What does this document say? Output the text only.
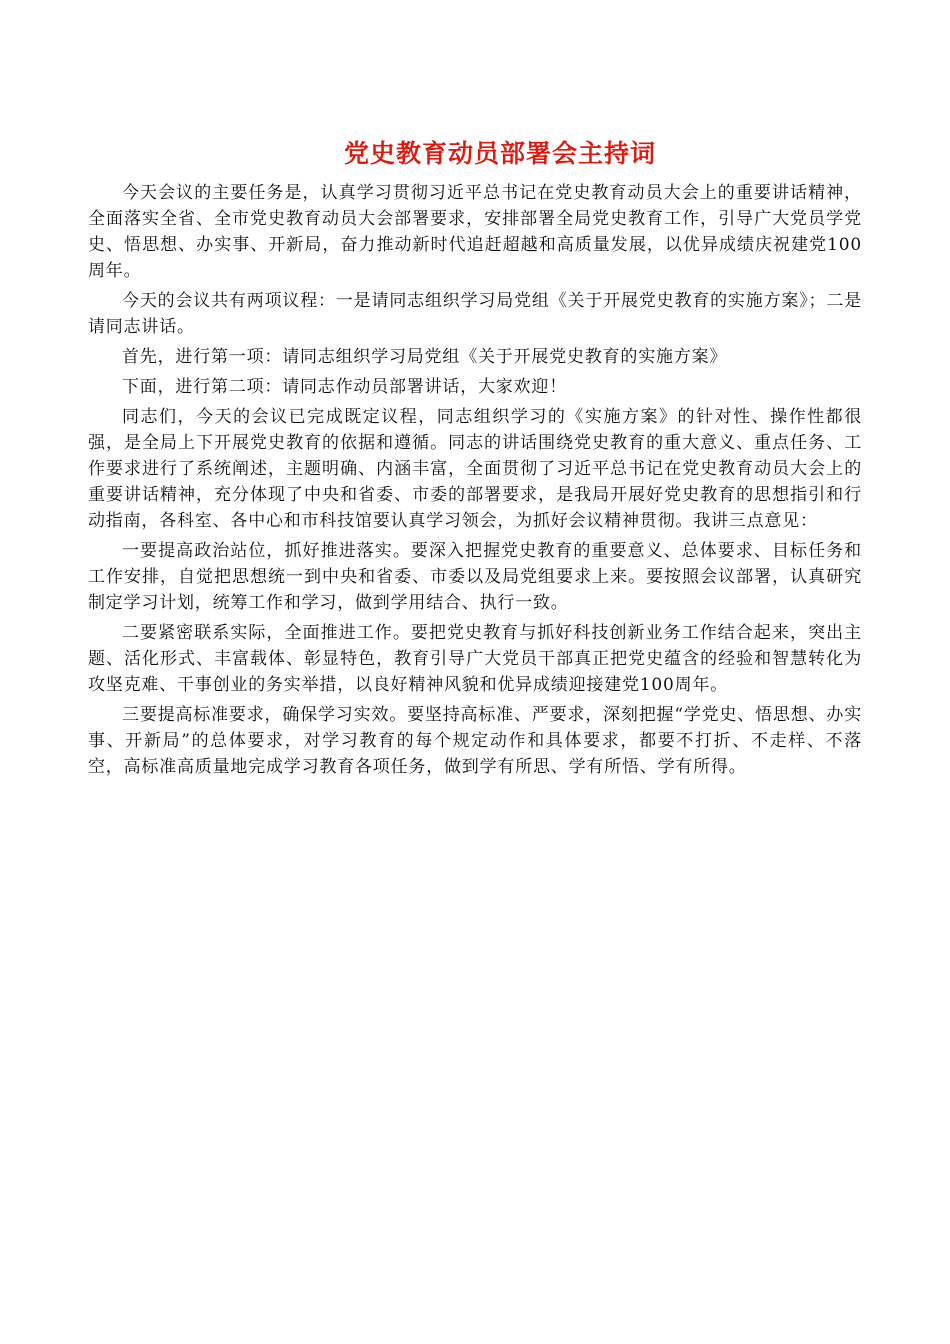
党史教育动员部署会主持词

今天会议的主要任务是，认真学习贯彻习近平总书记在党史教育动员大会上的重要讲话精神，全面落实全省、全市党史教育动员大会部署要求，安排部署全局党史教育工作，引导广大党员学党史、悟思想、办实事、开新局，奋力推动新时代追赶超越和高质量发展，以优异成绩庆祝建党100周年。

今天的会议共有两项议程：一是请同志组织学习局党组《关于开展党史教育的实施方案》；二是请同志讲话。

首先，进行第一项：请同志组织学习局党组《关于开展党史教育的实施方案》

下面，进行第二项：请同志作动员部署讲话，大家欢迎！

同志们，今天的会议已完成既定议程，同志组织学习的《实施方案》的针对性、操作性都很强，是全局上下开展党史教育的依据和遵循。同志的讲话围绕党史教育的重大意义、重点任务、工作要求进行了系统阐述，主题明确、内涵丰富，全面贯彻了习近平总书记在党史教育动员大会上的重要讲话精神，充分体现了中央和省委、市委的部署要求，是我局开展好党史教育的思想指引和行动指南，各科室、各中心和市科技馆要认真学习领会，为抓好会议精神贯彻。我讲三点意见：

一要提高政治站位，抓好推进落实。要深入把握党史教育的重要意义、总体要求、目标任务和工作安排，自觉把思想统一到中央和省委、市委以及局党组要求上来。要按照会议部署，认真研究制定学习计划，统筹工作和学习，做到学用结合、执行一致。

二要紧密联系实际，全面推进工作。要把党史教育与抓好科技创新业务工作结合起来，突出主题、活化形式、丰富载体、彰显特色，教育引导广大党员干部真正把党史蕴含的经验和智慧转化为攻坚克难、干事创业的务实举措，以良好精神风貌和优异成绩迎接建党100周年。

三要提高标准要求，确保学习实效。要坚持高标准、严要求，深刻把握“学党史、悟思想、办实事、开新局”的总体要求，对学习教育的每个规定动作和具体要求，都要不打折、不走样、不落空，高标准高质量地完成学习教育各项任务，做到学有所思、学有所悟、学有所得。
